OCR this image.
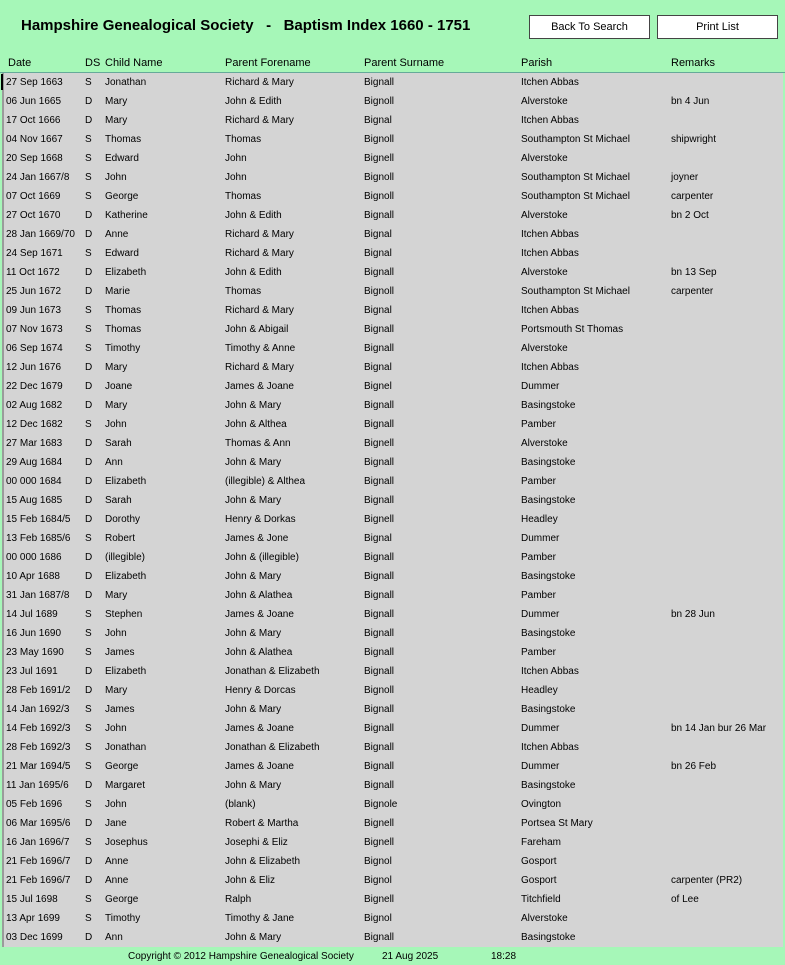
Hampshire Genealogical Society   -   Baptism Index 1660 - 1751	Back To Search	Print List
Date	DS Child Name	Parent Forename	Parent Surname	Parish	Remarks
27 Sep 1663 S Jonathan	Richard & Mary	Bignall	Itchen Abbas
06 Jun 1665 D Mary	John & Edith	Bignoll	Alverstoke	bn 4 Jun
17 Oct 1666 D Mary	Richard & Mary	Bignal	Itchen Abbas
04 Nov 1667 S Thomas	Thomas	Bignoll	Southampton St Michael	shipwright
20 Sep 1668 S Edward	John	Bignell	Alverstoke
24 Jan 1667/8 S John	John	Bignoll	Southampton St Michael	joyner
07 Oct 1669 S George	Thomas	Bignoll	Southampton St Michael	carpenter
27 Oct 1670 D Katherine	John & Edith	Bignall	Alverstoke	bn 2 Oct
28 Jan 1669/70 D Anne	Richard & Mary	Bignal	Itchen Abbas
24 Sep 1671 S Edward	Richard & Mary	Bignal	Itchen Abbas
11 Oct 1672	D Elizabeth	John & Edith	Bignall	Alverstoke	bn 13 Sep
25 Jun 1672 D Marie	Thomas	Bignoll	Southampton St Michael	carpenter
09 Jun 1673 S Thomas	Richard & Mary	Bignal	Itchen Abbas
07 Nov 1673 S Thomas	John & Abigail	Bignall	Portsmouth St Thomas
06 Sep 1674 S Timothy	Timothy & Anne	Bignall	Alverstoke
12 Jun 1676 D Mary	Richard & Mary	Bignal	Itchen Abbas
22 Dec 1679 D Joane	James & Joane	Bignel	Dummer
02 Aug 1682 D Mary	John & Mary	Bignall	Basingstoke
12 Dec 1682 S John	John & Althea	Bignall	Pamber
27 Mar 1683 D Sarah	Thomas & Ann	Bignell	Alverstoke
29 Aug 1684 D Ann	John & Mary	Bignall	Basingstoke
00 000 1684 D Elizabeth	(illegible) & Althea	Bignall	Pamber
15 Aug 1685 D Sarah	John & Mary	Bignall	Basingstoke
15 Feb 1684/5 D Dorothy	Henry & Dorkas	Bignell	Headley
13 Feb 1685/6 S Robert	James & Jone	Bignal	Dummer
00 000 1686 D (illegible)	John & (illegible)	Bignall	Pamber
10 Apr 1688	D Elizabeth	John & Mary	Bignall	Basingstoke
31 Jan 1687/8 D Mary	John & Alathea	Bignall	Pamber
14 Jul 1689	S Stephen	James & Joane	Bignall	Dummer	bn 28 Jun
16 Jun 1690 S John	John & Mary	Bignall	Basingstoke
23 May 1690 S James	John & Alathea	Bignall	Pamber
23 Jul 1691	D Elizabeth	Jonathan & Elizabeth	Bignall	Itchen Abbas
28 Feb 1691/2 D Mary	Henry & Dorcas	Bignoll	Headley
14 Jan 1692/3 S James	John & Mary	Bignall	Basingstoke
14 Feb 1692/3 S John	James & Joane	Bignall	Dummer	bn 14 Jan bur 26 Mar
28 Feb 1692/3 S Jonathan	Jonathan & Elizabeth	Bignall	Itchen Abbas
21 Mar 1694/5 S George	James & Joane	Bignall	Dummer	bn 26 Feb
11 Jan 1695/6 D Margaret	John & Mary	Bignall	Basingstoke
05 Feb 1696 S John	(blank)	Bignole	Ovington
06 Mar 1695/6 D Jane	Robert & Martha	Bignell	Portsea St Mary
16 Jan 1696/7 S Josephus	Josephi & Eliz	Bignell	Fareham
21 Feb 1696/7 D Anne	John & Elizabeth	Bignol	Gosport
21 Feb 1696/7 D Anne	John & Eliz	Bignol	Gosport	carpenter (PR2)
15 Jul 1698	S George	Ralph	Bignell	Titchfield	of Lee
13 Apr 1699	S Timothy	Timothy & Jane	Bignol	Alverstoke
03 Dec 1699 D Ann	John & Mary	Bignall	Basingstoke
Copyright © 2012 Hampshire Genealogical Society	21 Aug 2025	18:28
